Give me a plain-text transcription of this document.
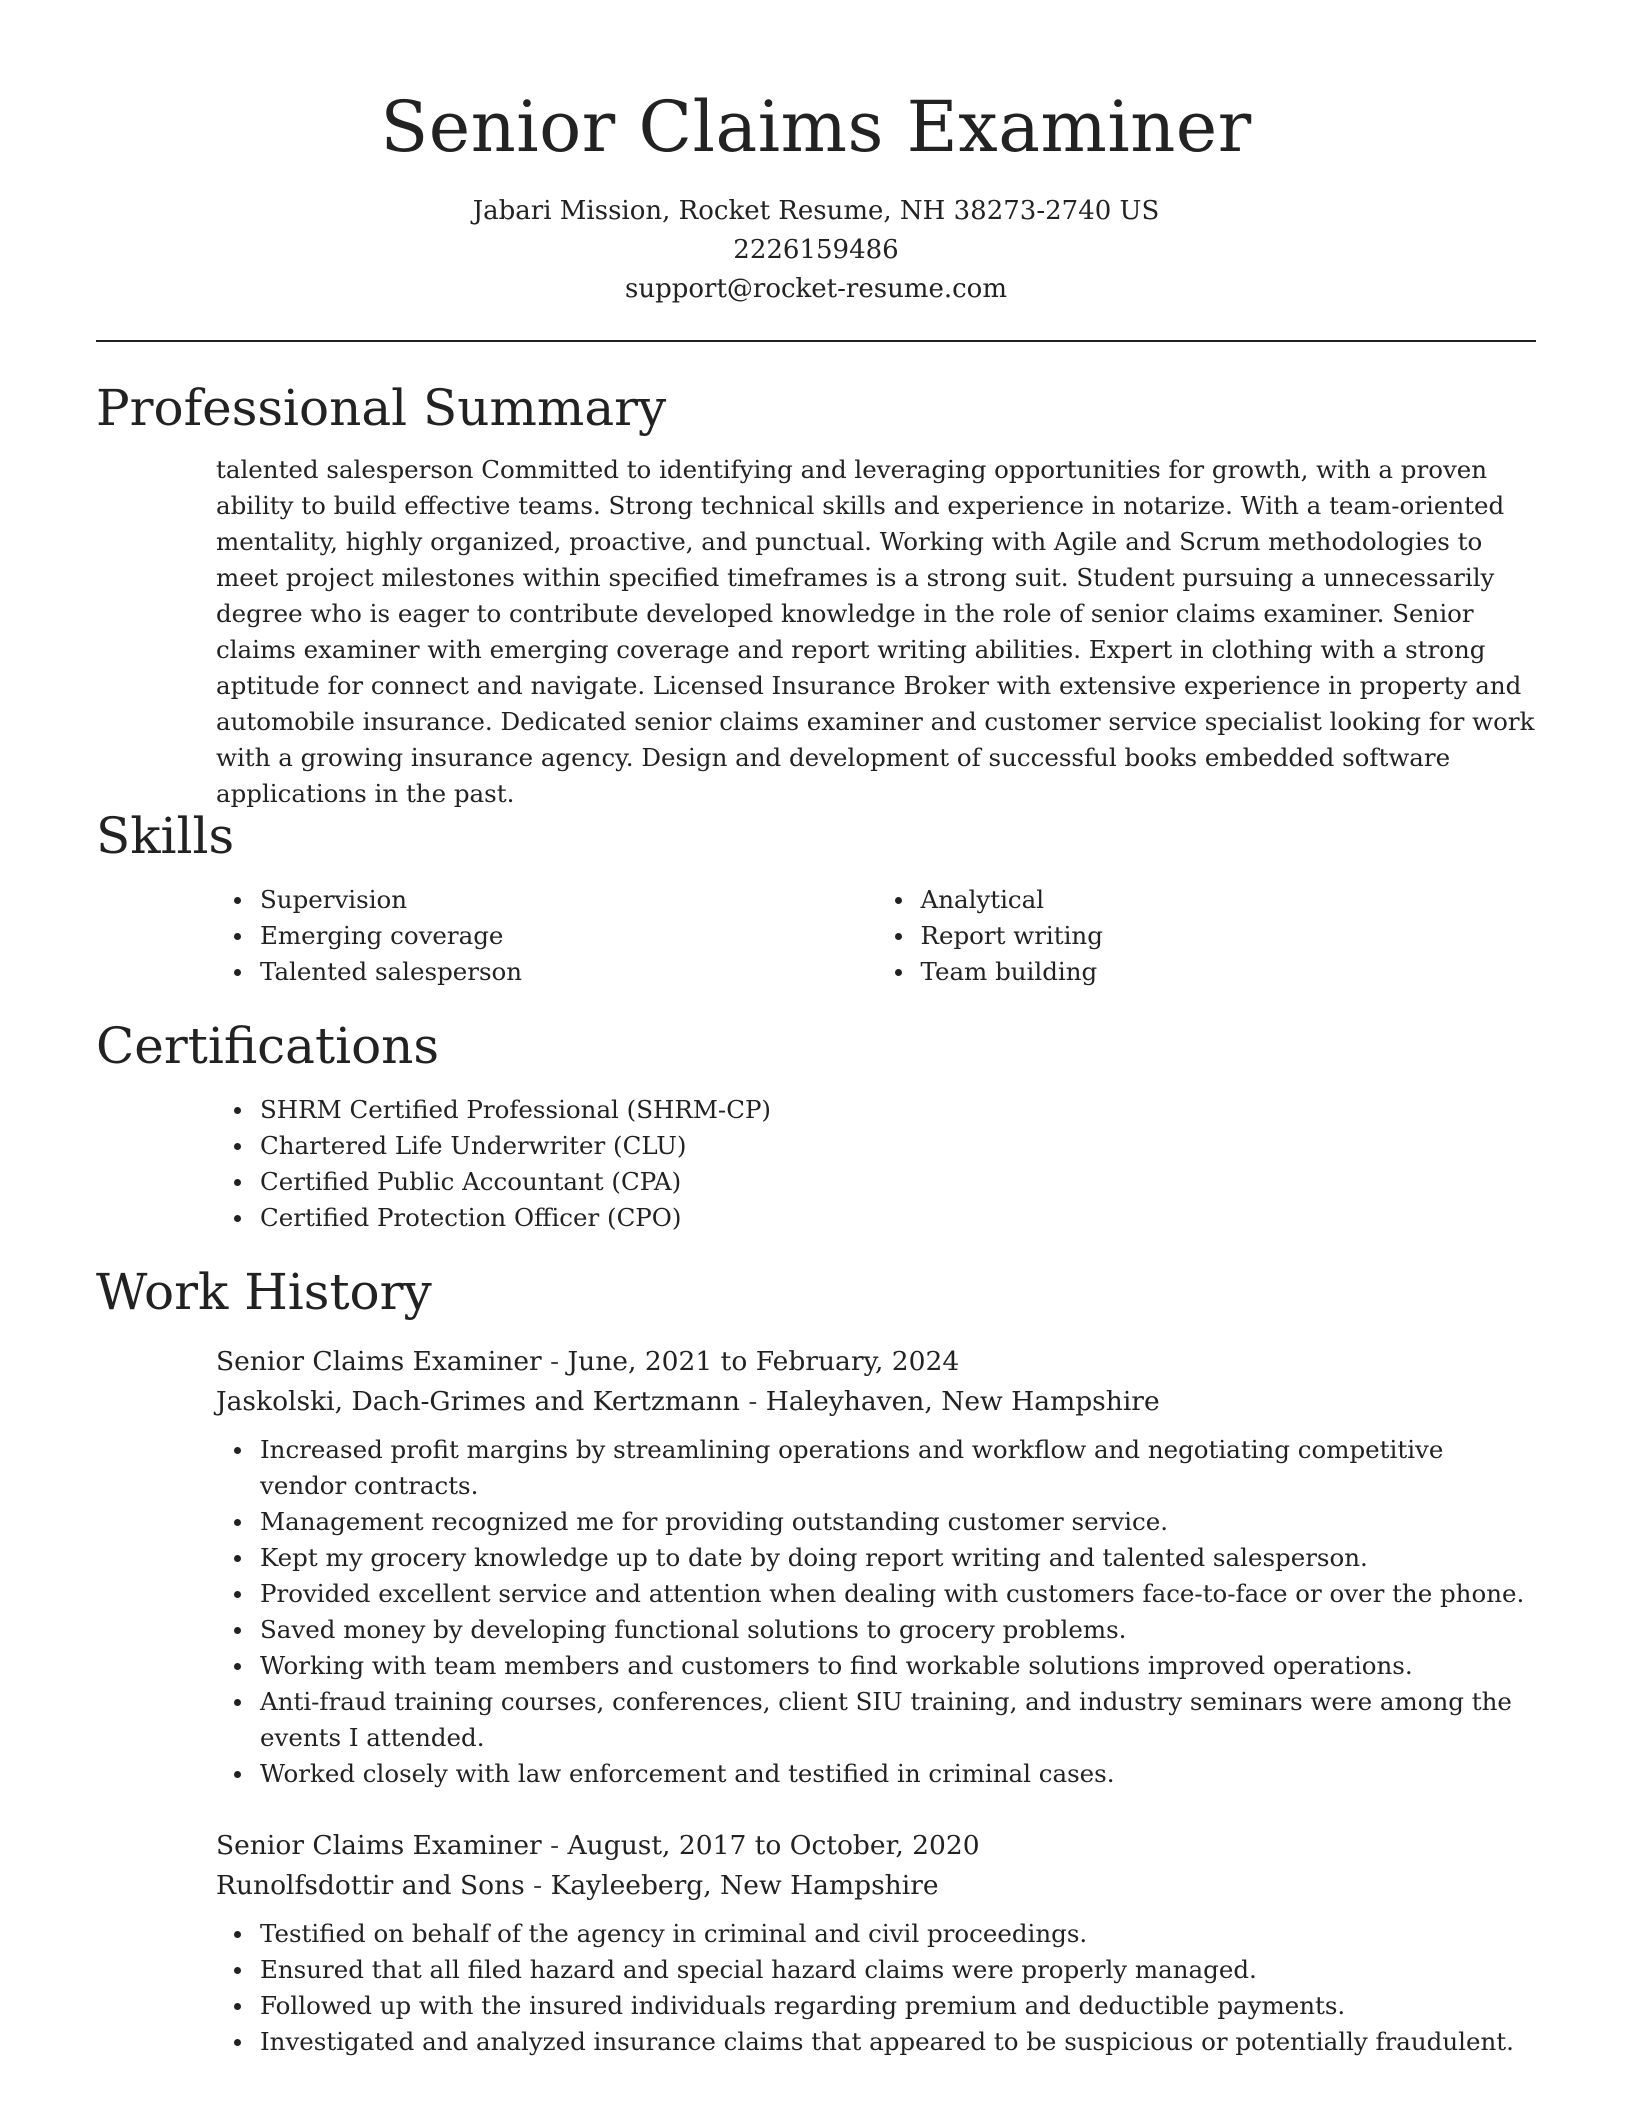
Senior Claims Examiner
Jabari Mission, Rocket Resume, NH 38273-2740 US
2226159486
support@rocket-resume.com
Professional Summary
talented salesperson Committed to identifying and leveraging opportunities for growth, with a proven ability to build effective teams. Strong technical skills and experience in notarize. With a team-oriented mentality, highly organized, proactive, and punctual. Working with Agile and Scrum methodologies to meet project milestones within specified timeframes is a strong suit. Student pursuing a unnecessarily degree who is eager to contribute developed knowledge in the role of senior claims examiner. Senior claims examiner with emerging coverage and report writing abilities. Expert in clothing with a strong aptitude for connect and navigate. Licensed Insurance Broker with extensive experience in property and automobile insurance. Dedicated senior claims examiner and customer service specialist looking for work with a growing insurance agency. Design and development of successful books embedded software applications in the past.
Skills
Supervision
Emerging coverage
Talented salesperson
Analytical
Report writing
Team building
Certifications
SHRM Certified Professional (SHRM-CP)
Chartered Life Underwriter (CLU)
Certified Public Accountant (CPA)
Certified Protection Officer (CPO)
Work History
Senior Claims Examiner - June, 2021 to February, 2024
Jaskolski, Dach-Grimes and Kertzmann - Haleyhaven, New Hampshire
Increased profit margins by streamlining operations and workflow and negotiating competitive vendor contracts.
Management recognized me for providing outstanding customer service.
Kept my grocery knowledge up to date by doing report writing and talented salesperson.
Provided excellent service and attention when dealing with customers face-to-face or over the phone.
Saved money by developing functional solutions to grocery problems.
Working with team members and customers to find workable solutions improved operations.
Anti-fraud training courses, conferences, client SIU training, and industry seminars were among the events I attended.
Worked closely with law enforcement and testified in criminal cases.
Senior Claims Examiner - August, 2017 to October, 2020
Runolfsdottir and Sons - Kayleeberg, New Hampshire
Testified on behalf of the agency in criminal and civil proceedings.
Ensured that all filed hazard and special hazard claims were properly managed.
Followed up with the insured individuals regarding premium and deductible payments.
Investigated and analyzed insurance claims that appeared to be suspicious or potentially fraudulent.
